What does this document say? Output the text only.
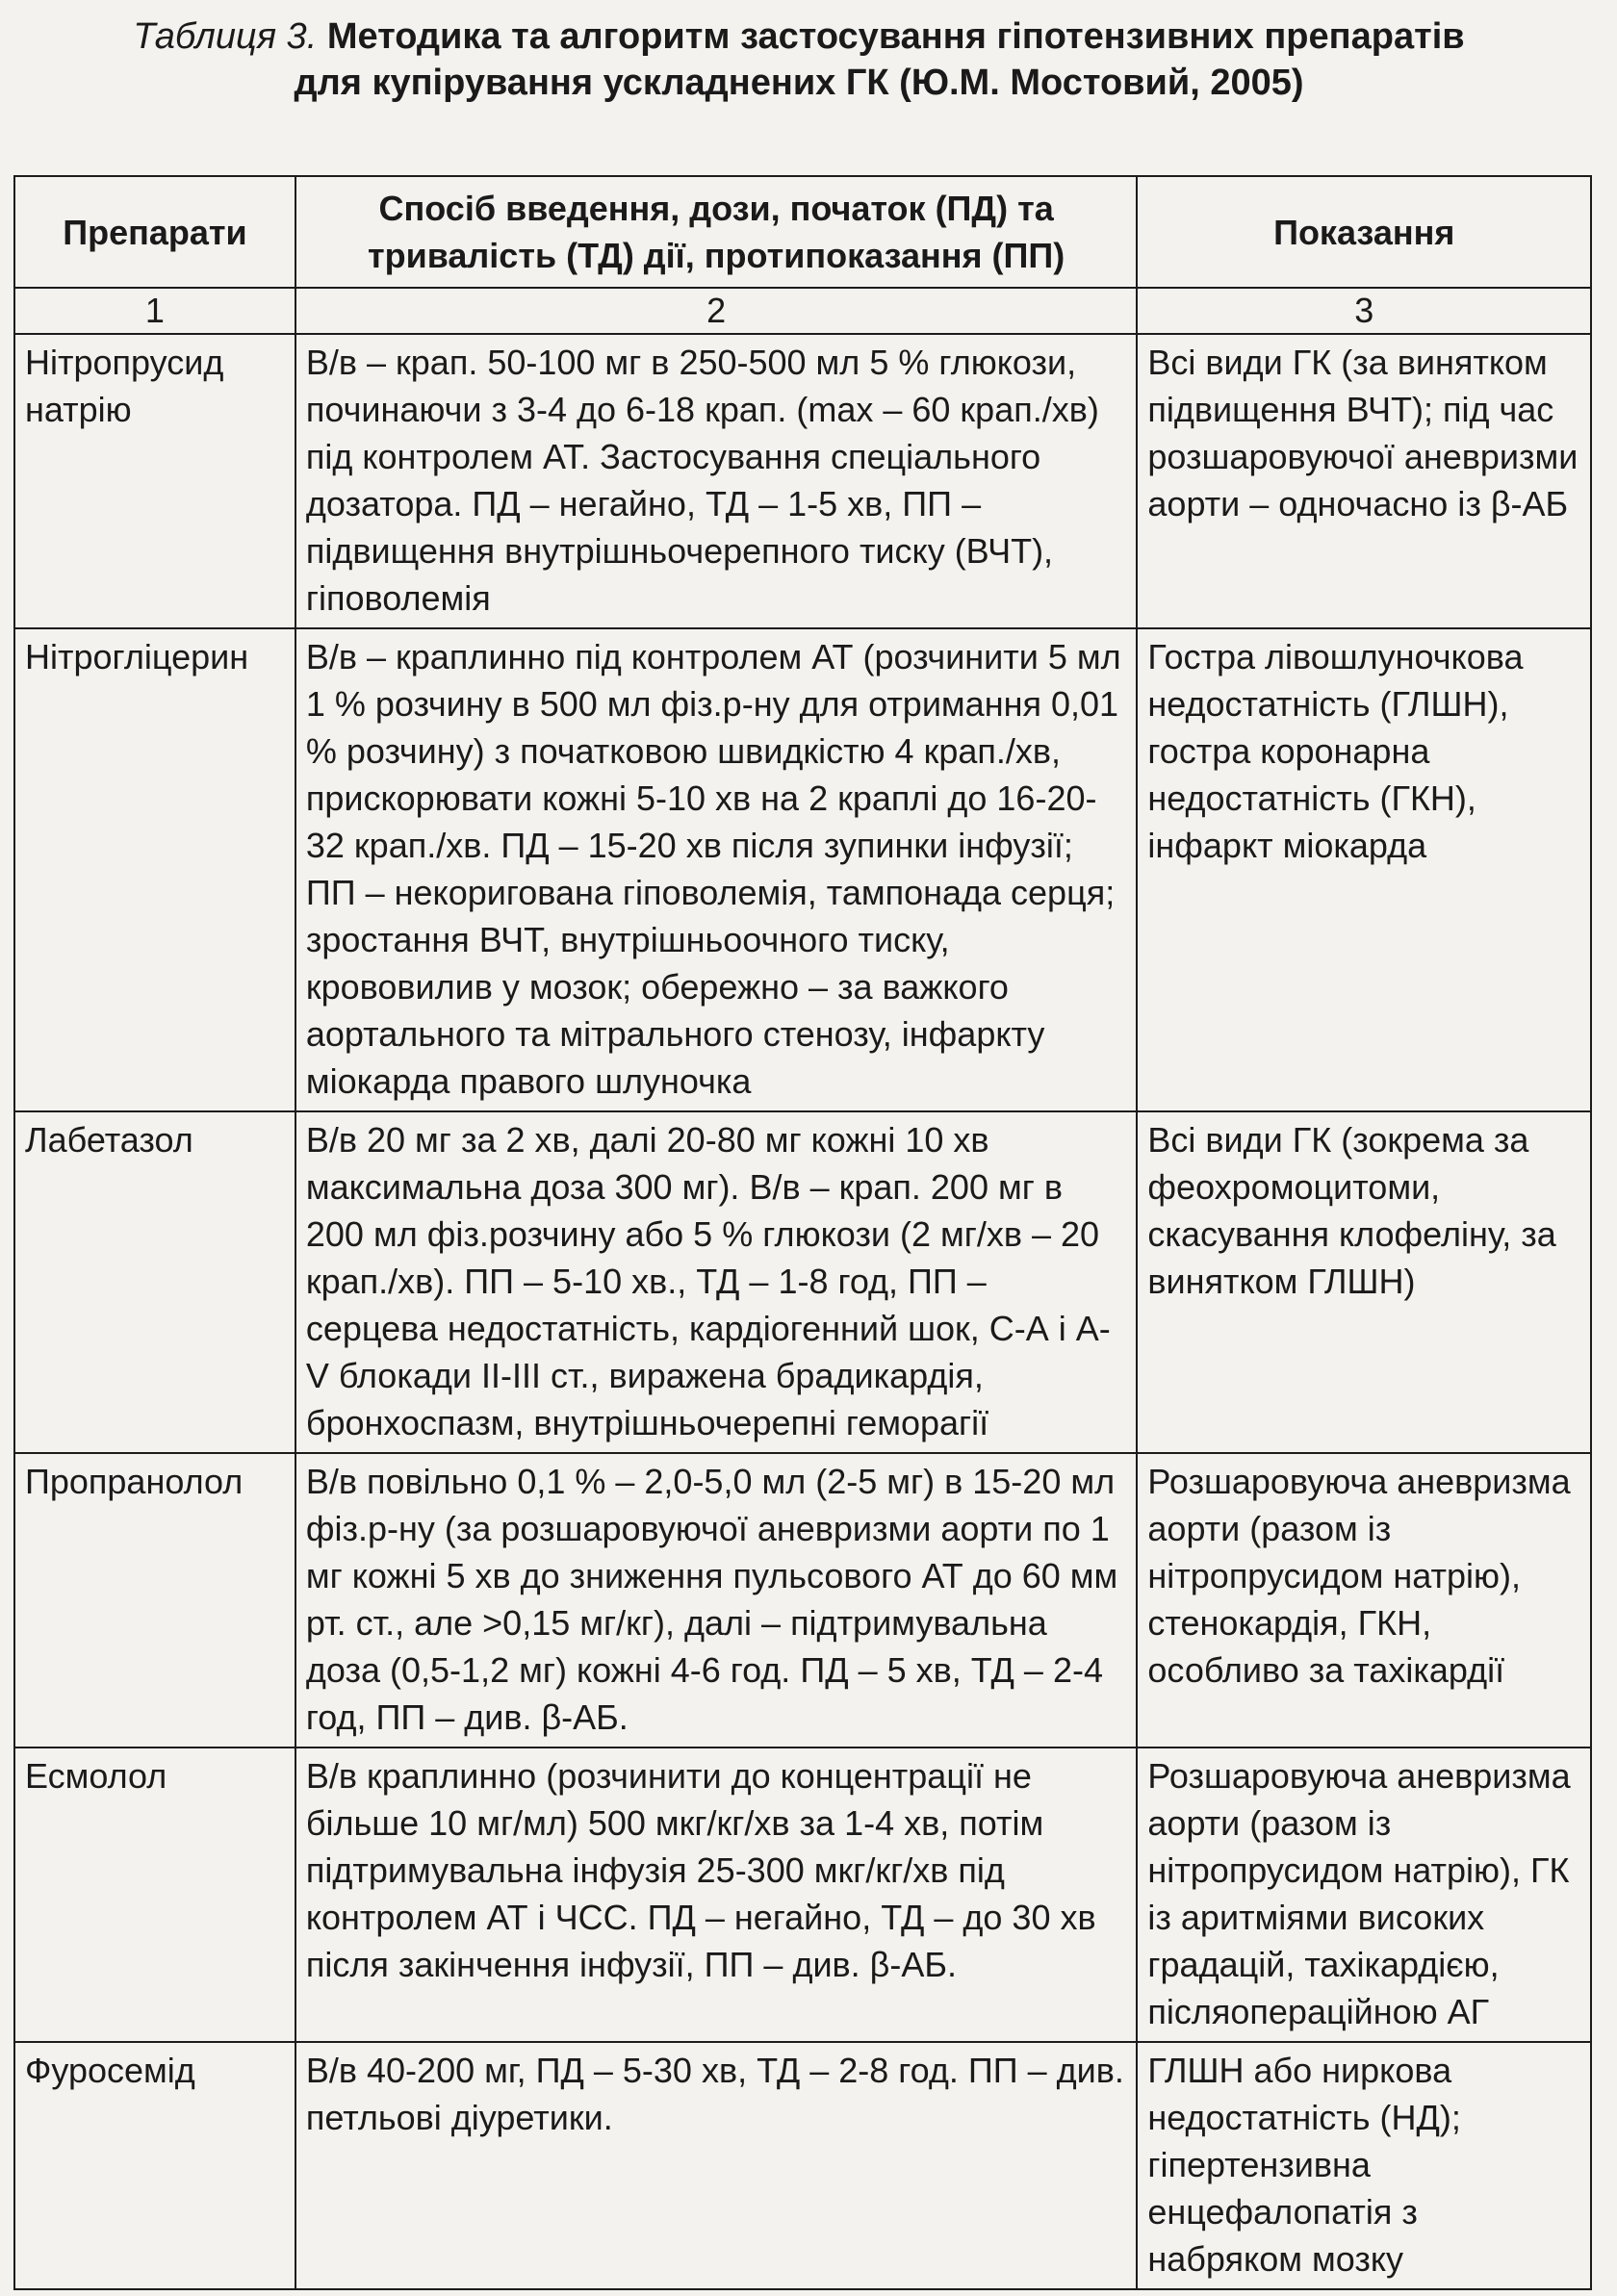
Таблиця 3. Методика та алгоритм застосування гіпотензивних препаратів
для купірування ускладнених ГК (Ю.М. Мостовий, 2005)
Препарати	Спосіб введення, дози, початок (ПД) та тривалість (ТД) дії, протипоказання (ПП)	Показання
1	2	3
Нітропрусид натрію	В/в – крап. 50-100 мг в 250-500 мл 5 % глюкози, починаючи з 3-4 до 6-18 крап. (max – 60 крап./хв) під контролем АТ. Застосування спеціального дозатора. ПД – негайно, ТД – 1-5 хв, ПП – підвищення внутрішньочерепного тиску (ВЧТ), гіповолемія	Всі види ГК (за винятком підвищення ВЧТ); під час розшаровуючої аневризми аорти – одночасно із β-АБ
Нітрогліцерин	В/в – краплинно під контролем АТ (розчинити 5 мл 1 % розчину в 500 мл фіз.р-ну для отримання 0,01 % розчину) з початковою швидкістю 4 крап./хв, прискорювати кожні 5-10 хв на 2 краплі до 16-20-32 крап./хв. ПД – 15-20 хв після зупинки інфузії; ПП – некоригована гіповолемія, тампонада серця; зростання ВЧТ, внутрішньоочного тиску, крововилив у мозок; обережно – за важкого аортального та мітрального стенозу, інфаркту міокарда правого шлуночка	Гостра лівошлуночкова недостатність (ГЛШН), гостра коронарна недостатність (ГКН), інфаркт міокарда
Лабетазол	В/в 20 мг за 2 хв, далі 20-80 мг кожні 10 хв максимальна доза 300 мг). В/в – крап. 200 мг в 200 мл фіз.розчину або 5 % глюкози (2 мг/хв – 20 крап./хв). ПП – 5-10 хв., ТД – 1-8 год, ПП – серцева недостатність, кардіогенний шок, С-А і А-V блокади ІІ-ІІІ ст., виражена брадикардія, бронхоспазм, внутрішньочерепні геморагії	Всі види ГК (зокрема за феохромоцитоми, скасування клофеліну, за винятком ГЛШН)
Пропранолол	В/в повільно 0,1 % – 2,0-5,0 мл (2-5 мг) в 15-20 мл фіз.р-ну (за розшаровуючої аневризми аорти по 1 мг кожні 5 хв до зниження пульсового АТ до 60 мм рт. ст., але >0,15 мг/кг), далі – підтримувальна доза (0,5-1,2 мг) кожні 4-6 год. ПД – 5 хв, ТД – 2-4 год, ПП – див. β-АБ.	Розшаровуюча аневризма аорти (разом із нітропрусидом натрію), стенокардія, ГКН, особливо за тахікардії
Есмолол	В/в краплинно (розчинити до концентрації не більше 10 мг/мл) 500 мкг/кг/хв за 1-4 хв, потім підтримувальна інфузія 25-300 мкг/кг/хв під контролем АТ і ЧСС. ПД – негайно, ТД – до 30 хв після закінчення інфузії, ПП – див. β-АБ.	Розшаровуюча аневризма аорти (разом із нітропрусидом натрію), ГК із аритміями високих градацій, тахікардією, післяопераційною АГ
Фуросемід	В/в 40-200 мг, ПД – 5-30 хв, ТД – 2-8 год. ПП – див. петльові діуретики.	ГЛШН або ниркова недостатність (НД); гіпертензивна енцефалопатія з набряком мозку
